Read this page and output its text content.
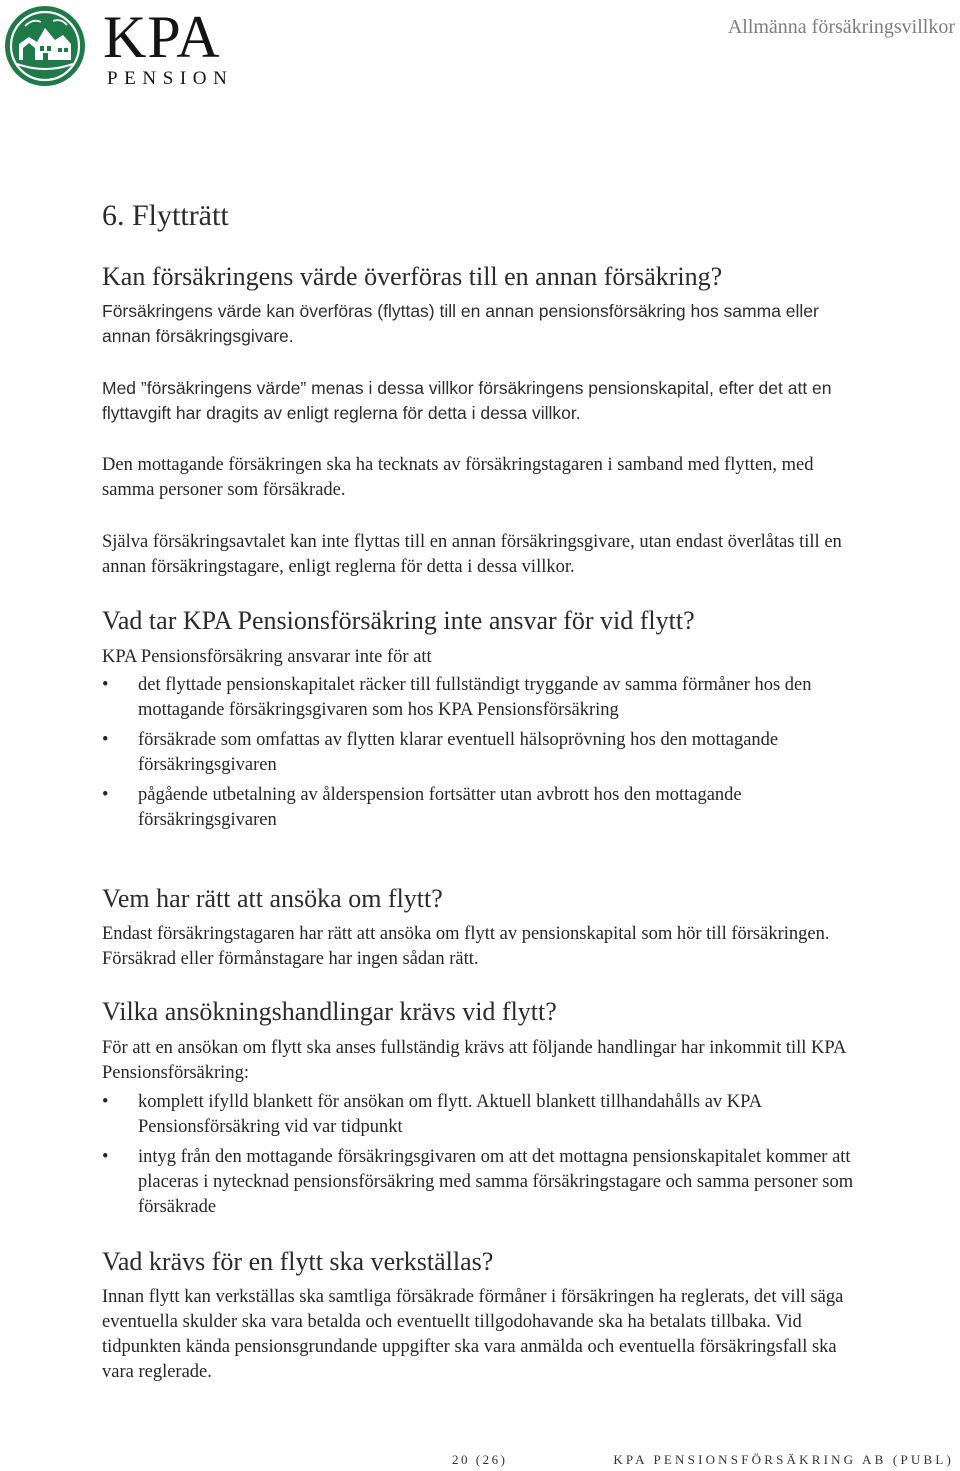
KPA
PENSION
Allmänna försäkringsvillkor
6. Flytträtt
Kan försäkringens värde överföras till en annan försäkring?

Försäkringens värde kan överföras (flyttas) till en annan pensionsförsäkring hos samma eller annan försäkringsgivare.

Med ”försäkringens värde” menas i dessa villkor försäkringens pensionskapital, efter det att en flyttavgift har dragits av enligt reglerna för detta i dessa villkor.

Den mottagande försäkringen ska ha tecknats av försäkringstagaren i samband med flytten, med samma personer som försäkrade.

Själva försäkringsavtalet kan inte flyttas till en annan försäkringsgivare, utan endast överlåtas till en annan försäkringstagare, enligt reglerna för detta i dessa villkor.

Vad tar KPA Pensionsförsäkring inte ansvar för vid flytt?

KPA Pensionsförsäkring ansvarar inte för att

• det flyttade pensionskapitalet räcker till fullständigt tryggande av samma förmåner hos den mottagande försäkringsgivaren som hos KPA Pensionsförsäkring
• försäkrade som omfattas av flytten klarar eventuell hälsoprövning hos den mottagande försäkringsgivaren
• pågående utbetalning av ålderspension fortsätter utan avbrott hos den mottagande försäkringsgivaren
Vem har rätt att ansöka om flytt?

Endast försäkringstagaren har rätt att ansöka om flytt av pensionskapital som hör till försäkringen. Försäkrad eller förmånstagare har ingen sådan rätt.

Vilka ansökningshandlingar krävs vid flytt?

För att en ansökan om flytt ska anses fullständig krävs att följande handlingar har inkommit till KPA Pensionsförsäkring:

• komplett ifylld blankett för ansökan om flytt. Aktuell blankett tillhandahålls av KPA Pensionsförsäkring vid var tidpunkt
• intyg från den mottagande försäkringsgivaren om att det mottagna pensionskapitalet kommer att placeras i nytecknad pensionsförsäkring med samma försäkringstagare och samma personer som försäkrade
Vad krävs för en flytt ska verkställas?

Innan flytt kan verkställas ska samtliga försäkrade förmåner i försäkringen ha reglerats, det vill säga eventuella skulder ska vara betalda och eventuellt tillgodohavande ska ha betalats tillbaka. Vid tidpunkten kända pensionsgrundande uppgifter ska vara anmälda och eventuella försäkringsfall ska vara reglerade.

20 (26)	KPA PENSIONSFÖRSÄKRING AB (PUBL)
